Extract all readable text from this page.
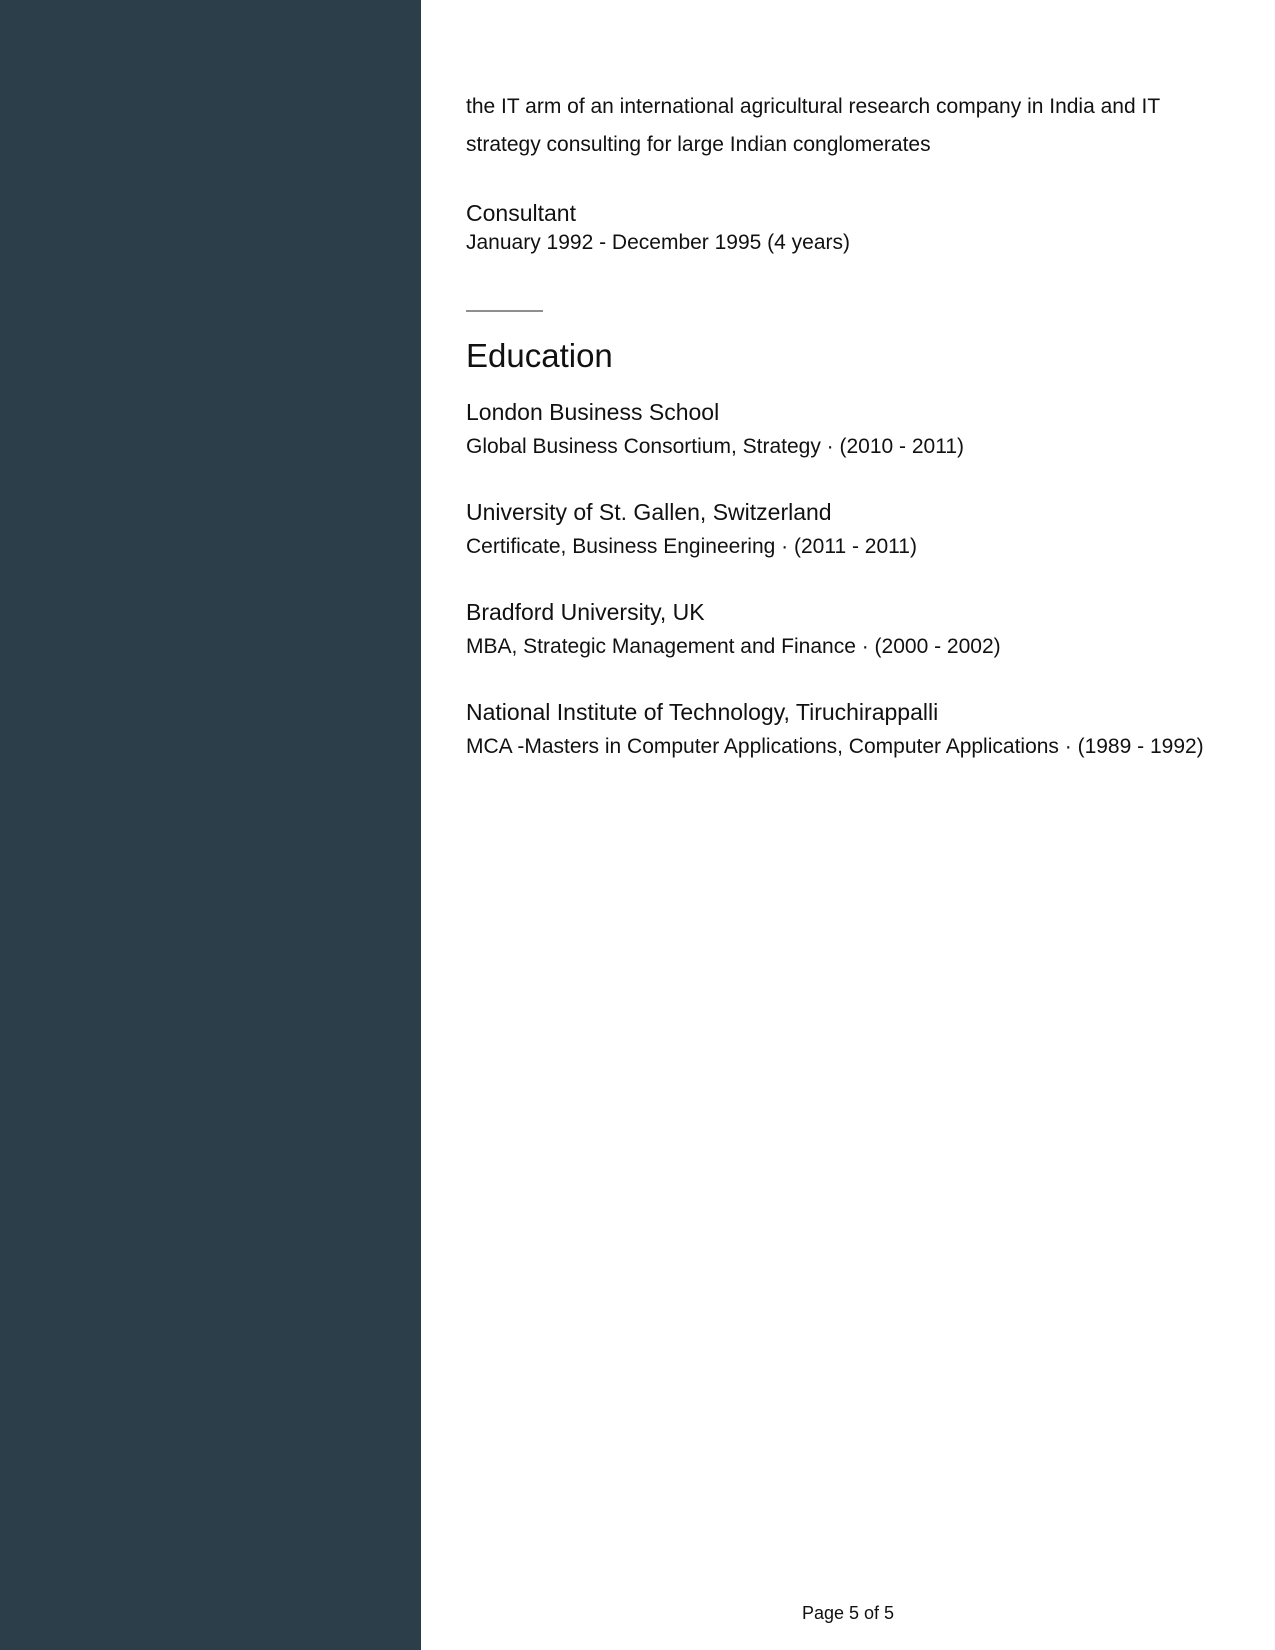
the IT arm of an international agricultural research company in India and IT strategy consulting for large Indian conglomerates

Consultant

January 1992 - December 1995 (4 years)

Education

London Business School

Global Business Consortium, Strategy · (2010 - 2011)

University of St. Gallen, Switzerland

Certificate, Business Engineering · (2011 - 2011)

Bradford University, UK

MBA, Strategic Management and Finance · (2000 - 2002)

National Institute of Technology, Tiruchirappalli

MCA -Masters in Computer Applications, Computer Applications · (1989 - 1992)

Page 5 of 5
